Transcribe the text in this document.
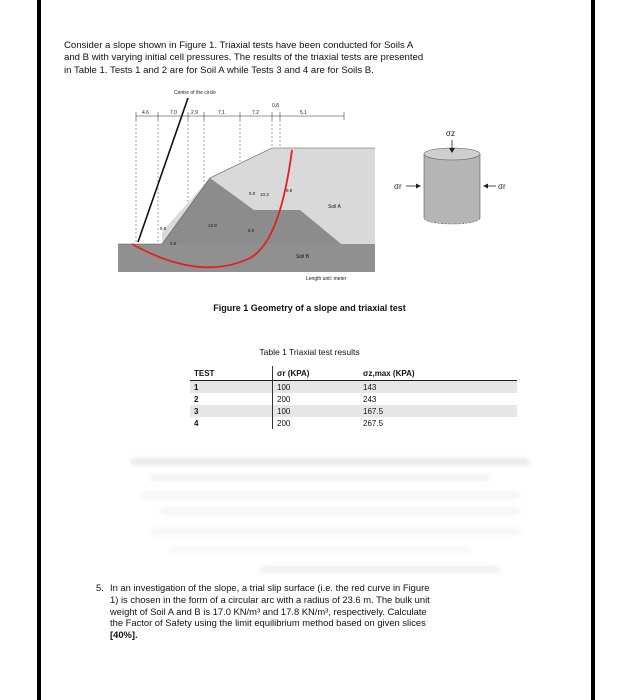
Consider a slope shown in Figure 1. Triaxial tests have been conducted for Soils A
and B with varying initial cell pressures. The results of the triaxial tests are presented
in Table 1. Tests 1 and 2 are for Soil A while Tests 3 and 4 are for Soils B.

Centre of the circle
4.6	7.0	2.9	7.1	7.2
0.8
5.1
2.0
9.8
12.9
5.0 10.3
9.8
8.0
Soil A
Soil B
Length unit: meter
σz
σr	σr
Figure 1 Geometry of a slope and triaxial test
Table 1 Triaxial test results
TEST	σr (KPA)	σz,max (KPA)
1	100	143
2	200	243
3	100	167.5
4	200	267.5

5. In an investigation of the slope, a trial slip surface (i.e. the red curve in Figure
1) is chosen in the form of a circular arc with a radius of 23.6 m. The bulk unit
weight of Soil A and B is 17.0 KN/m³ and 17.8 KN/m³, respectively. Calculate
the Factor of Safety using the limit equilibrium method based on given slices
[40%].
